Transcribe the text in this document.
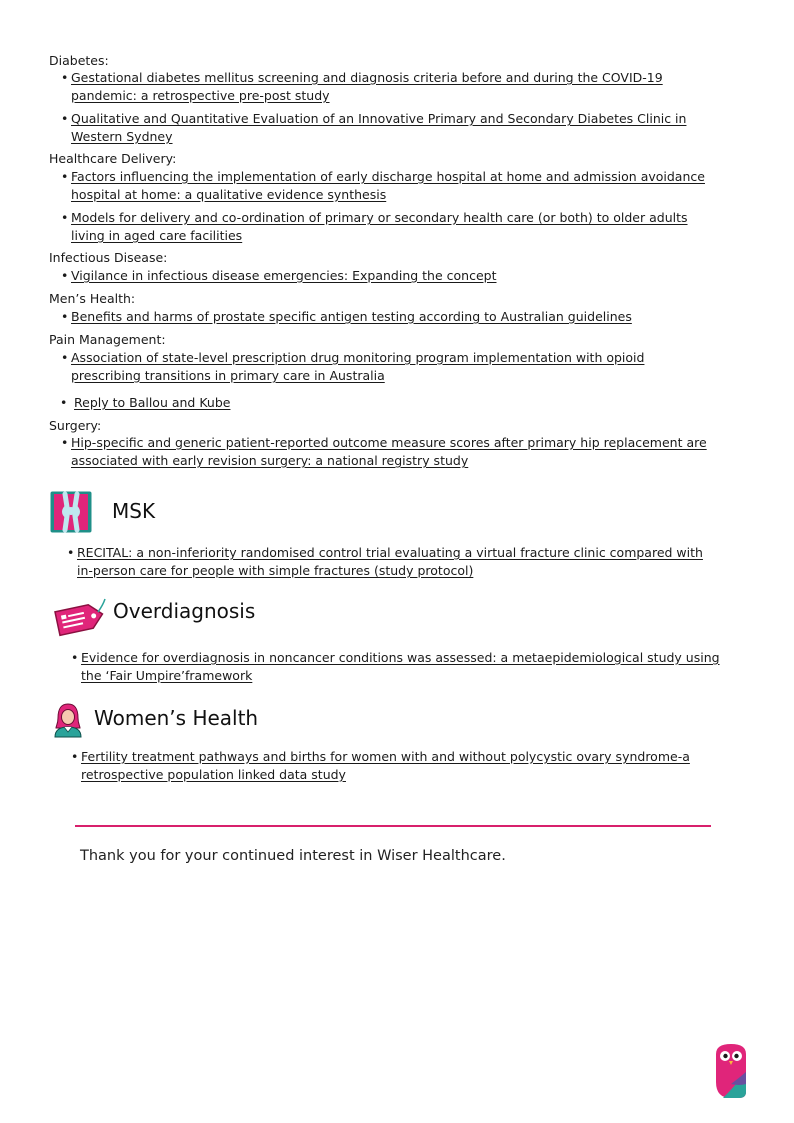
Diabetes:
• Gestational diabetes mellitus screening and diagnosis criteria before and during the COVID-19
pandemic: a retrospective pre-post study
• Qualitative and Quantitative Evaluation of an Innovative Primary and Secondary Diabetes Clinic in
Western Sydney
Healthcare Delivery:
• Factors influencing the implementation of early discharge hospital at home and admission avoidance
hospital at home: a qualitative evidence synthesis
• Models for delivery and co-ordination of primary or secondary health care (or both) to older adults
living in aged care facilities
Infectious Disease:
• Vigilance in infectious disease emergencies: Expanding the concept
Men’s Health:
• Benefits and harms of prostate specific antigen testing according to Australian guidelines
Pain Management:
• Association of state-level prescription drug monitoring program implementation with opioid
prescribing transitions in primary care in Australia
• Reply to Ballou and Kube
Surgery:
• Hip-specific and generic patient-reported outcome measure scores after primary hip replacement are
associated with early revision surgery: a national registry study
MSK
• RECITAL: a non-inferiority randomised control trial evaluating a virtual fracture clinic compared with
in-person care for people with simple fractures (study protocol)
Overdiagnosis
• Evidence for overdiagnosis in noncancer conditions was assessed: a metaepidemiological study using
the ‘Fair Umpire’framework
Women’s Health
• Fertility treatment pathways and births for women with and without polycystic ovary syndrome-a
retrospective population linked data study
Thank you for your continued interest in Wiser Healthcare.
